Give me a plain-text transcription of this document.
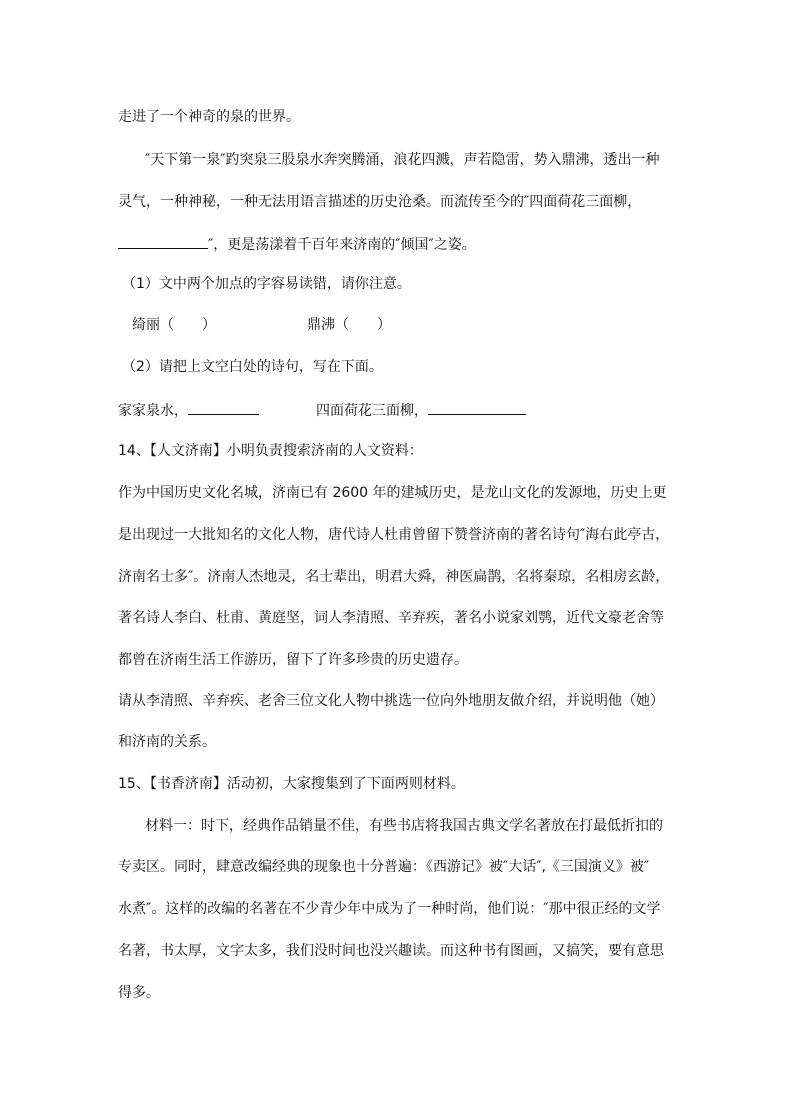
走进了一个神奇的泉的世界。
″天下第一泉″趵突泉三股泉水奔突腾涌，浪花四溅，声若隐雷，势入鼎沸，透出一种
灵气，一种神秘，一种无法用语言描述的历史沧桑。而流传至今的″四面荷花三面柳，
″，更是荡漾着千百年来济南的″倾国″之姿。
（1）文中两个加点的字容易读错，请你注意。
绮丽（　　）	鼎沸（　　）
（2）请把上文空白处的诗句，写在下面。
家家泉水，	四面荷花三面柳，
14、【人文济南】小明负责搜索济南的人文资料：
作为中国历史文化名城，济南已有 2600 年的建城历史，是龙山文化的发源地，历史上更
是出现过一大批知名的文化人物，唐代诗人杜甫曾留下赞誉济南的著名诗句″海右此亭古，
济南名士多″。济南人杰地灵，名士辈出，明君大舜，神医扁鹊，名将秦琼，名相房玄龄，
著名诗人李白、杜甫、黄庭坚，词人李清照、辛弃疾，著名小说家刘鹗，近代文豪老舍等
都曾在济南生活工作游历，留下了许多珍贵的历史遗存。
请从李清照、辛弃疾、老舍三位文化人物中挑选一位向外地朋友做介绍，并说明他（她）
和济南的关系。
15、【书香济南】活动初，大家搜集到了下面两则材料。
材料一：时下，经典作品销量不佳，有些书店将我国古典文学名著放在打最低折扣的
专卖区。同时，肆意改编经典的现象也十分普遍：《西游记》被″大话″,《三国演义》被″
水煮″。这样的改编的名著在不少青少年中成为了一种时尚，他们说：″那中很正经的文学
名著，书太厚，文字太多，我们没时间也没兴趣读。而这种书有图画，又搞笑，要有意思
得多。
